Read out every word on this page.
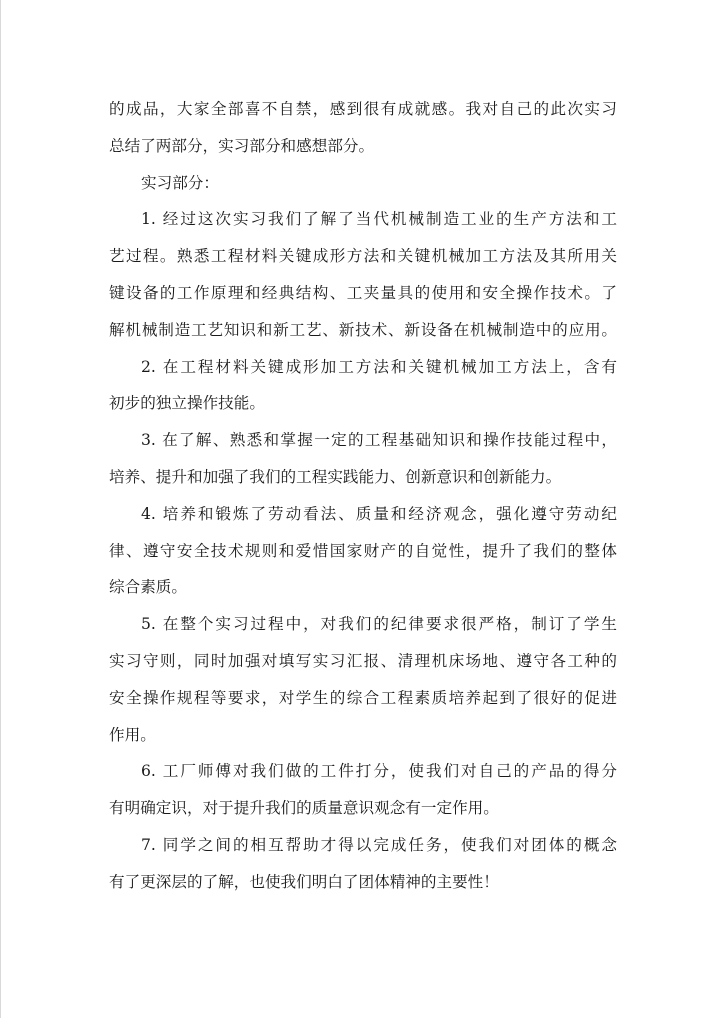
的成品，大家全部喜不自禁，感到很有成就感。我对自己的此次实习
总结了两部分，实习部分和感想部分。
实习部分：
1. 经过这次实习我们了解了当代机械制造工业的生产方法和工
艺过程。熟悉工程材料关键成形方法和关键机械加工方法及其所用关
键设备的工作原理和经典结构、工夹量具的使用和安全操作技术。了
解机械制造工艺知识和新工艺、新技术、新设备在机械制造中的应用。
2. 在工程材料关键成形加工方法和关键机械加工方法上，含有
初步的独立操作技能。
3. 在了解、熟悉和掌握一定的工程基础知识和操作技能过程中，
培养、提升和加强了我们的工程实践能力、创新意识和创新能力。
4. 培养和锻炼了劳动看法、质量和经济观念，强化遵守劳动纪
律、遵守安全技术规则和爱惜国家财产的自觉性，提升了我们的整体
综合素质。
5. 在整个实习过程中，对我们的纪律要求很严格，制订了学生
实习守则，同时加强对填写实习汇报、清理机床场地、遵守各工种的
安全操作规程等要求，对学生的综合工程素质培养起到了很好的促进
作用。
6. 工厂师傅对我们做的工件打分，使我们对自己的产品的得分
有明确定识，对于提升我们的质量意识观念有一定作用。
7. 同学之间的相互帮助才得以完成任务，使我们对团体的概念
有了更深层的了解，也使我们明白了团体精神的主要性！
